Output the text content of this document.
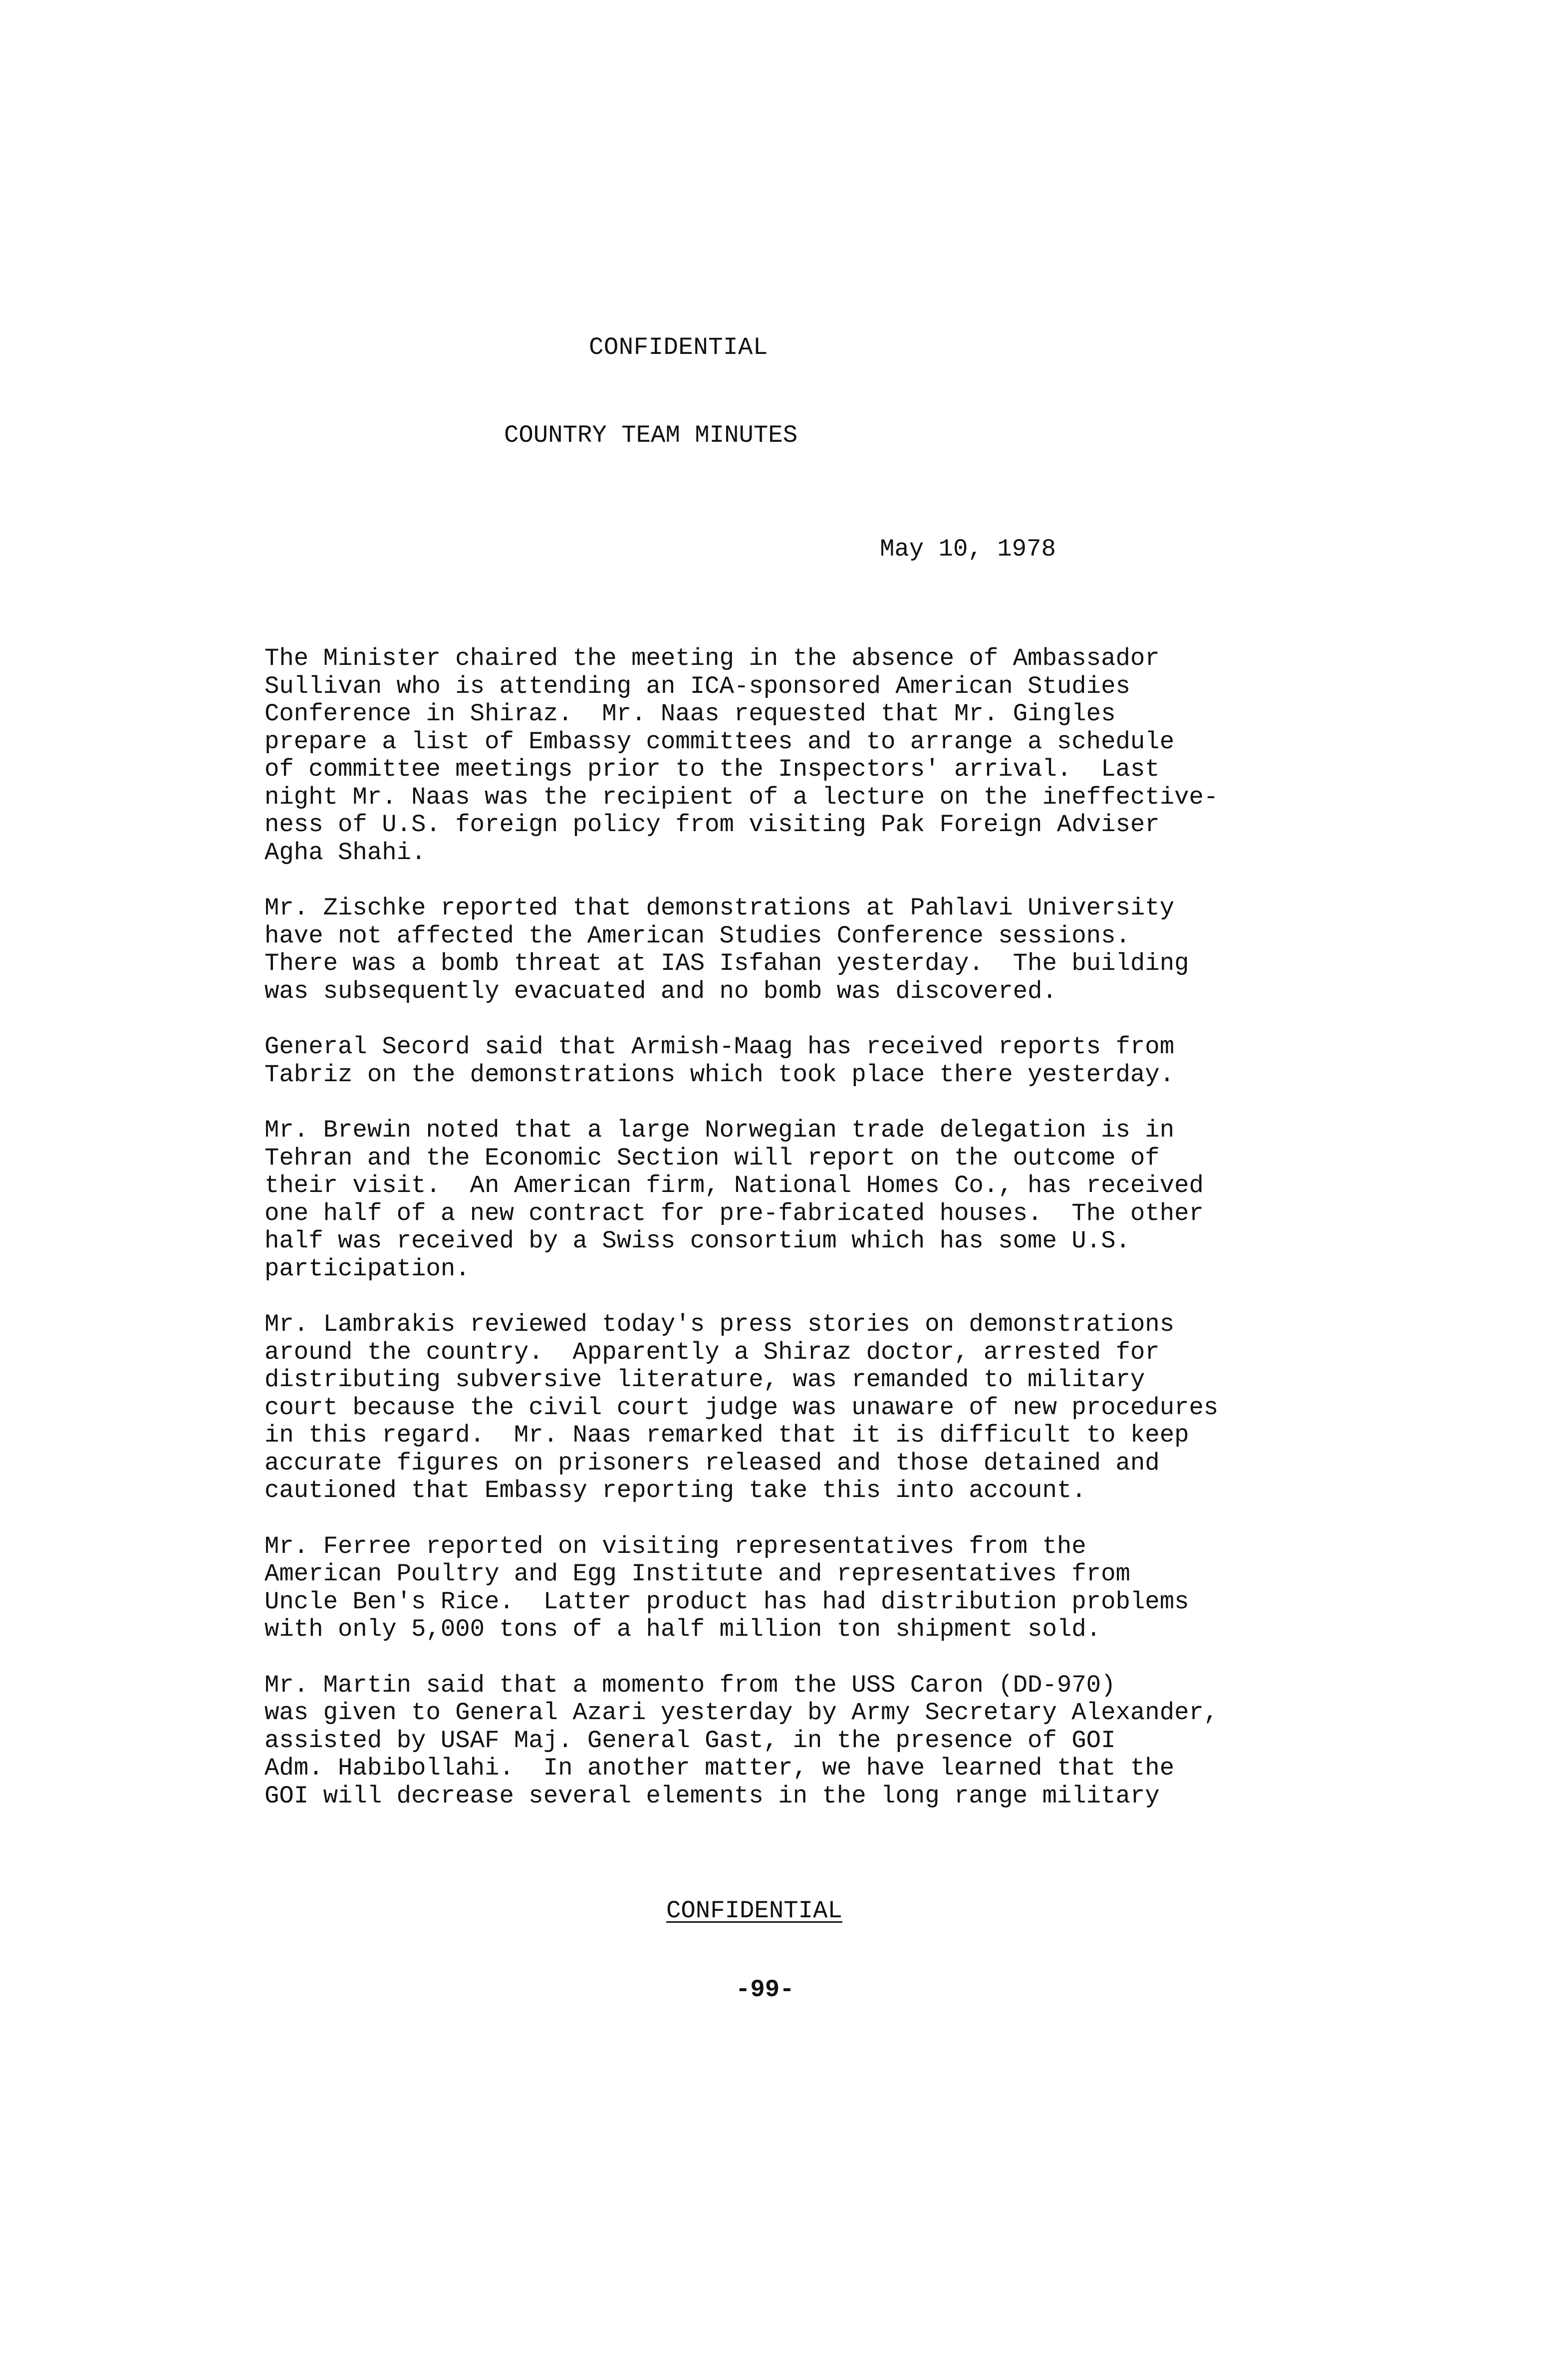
CONFIDENTIAL
COUNTRY TEAM MINUTES
May 10, 1978
The Minister chaired the meeting in the absence of Ambassador
Sullivan who is attending an ICA-sponsored American Studies
Conference in Shiraz.  Mr. Naas requested that Mr. Gingles
prepare a list of Embassy committees and to arrange a schedule
of committee meetings prior to the Inspectors' arrival.  Last
night Mr. Naas was the recipient of a lecture on the ineffective-
ness of U.S. foreign policy from visiting Pak Foreign Adviser
Agha Shahi.
Mr. Zischke reported that demonstrations at Pahlavi University
have not affected the American Studies Conference sessions.
There was a bomb threat at IAS Isfahan yesterday.  The building
was subsequently evacuated and no bomb was discovered.
General Secord said that Armish-Maag has received reports from
Tabriz on the demonstrations which took place there yesterday.
Mr. Brewin noted that a large Norwegian trade delegation is in
Tehran and the Economic Section will report on the outcome of
their visit.  An American firm, National Homes Co., has received
one half of a new contract for pre-fabricated houses.  The other
half was received by a Swiss consortium which has some U.S.
participation.
Mr. Lambrakis reviewed today's press stories on demonstrations
around the country.  Apparently a Shiraz doctor, arrested for
distributing subversive literature, was remanded to military
court because the civil court judge was unaware of new procedures
in this regard.  Mr. Naas remarked that it is difficult to keep
accurate figures on prisoners released and those detained and
cautioned that Embassy reporting take this into account.
Mr. Ferree reported on visiting representatives from the
American Poultry and Egg Institute and representatives from
Uncle Ben's Rice.  Latter product has had distribution problems
with only 5,000 tons of a half million ton shipment sold.
Mr. Martin said that a momento from the USS Caron (DD-970)
was given to General Azari yesterday by Army Secretary Alexander,
assisted by USAF Maj. General Gast, in the presence of GOI
Adm. Habibollahi.  In another matter, we have learned that the
GOI will decrease several elements in the long range military
CONFIDENTIAL
-99-
